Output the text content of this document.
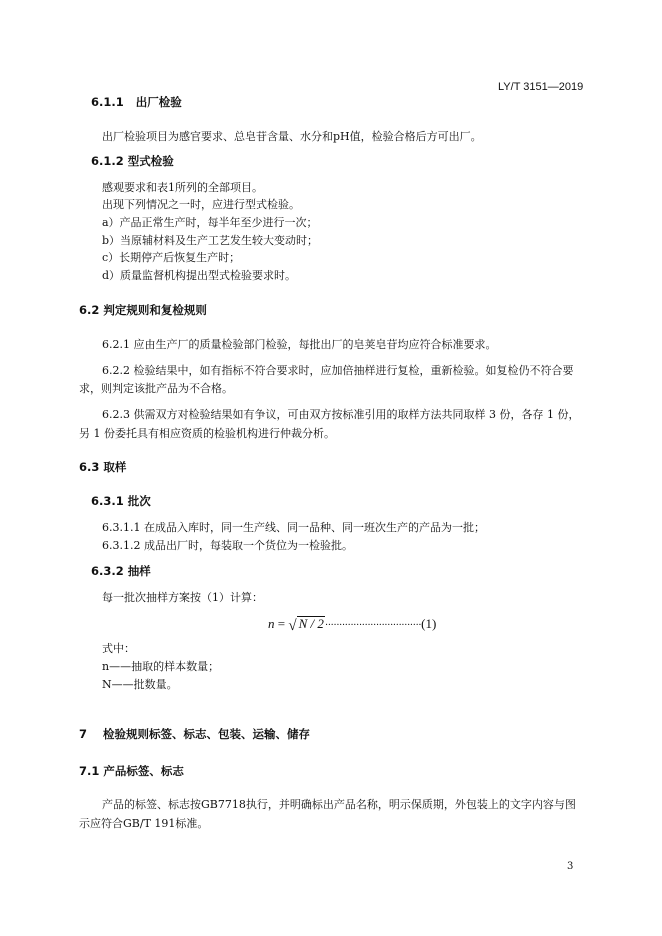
LY/T 3151—2019
6.1.1 出厂检验
出厂检验项目为感官要求、总皂苷含量、水分和pH值，检验合格后方可出厂。
6.1.2 型式检验
感观要求和表1所列的全部项目。
出现下列情况之一时，应进行型式检验。
a）产品正常生产时，每半年至少进行一次；
b）当原辅材料及生产工艺发生较大变动时；
c）长期停产后恢复生产时；
d）质量监督机构提出型式检验要求时。
6.2 判定规则和复检规则
6.2.1 应由生产厂的质量检验部门检验，每批出厂的皂荚皂苷均应符合标准要求。
6.2.2 检验结果中，如有指标不符合要求时，应加倍抽样进行复检，重新检验。如复检仍不符合要
求，则判定该批产品为不合格。
6.2.3 供需双方对检验结果如有争议，可由双方按标准引用的取样方法共同取样 3 份，各存 1 份，
另 1 份委托具有相应资质的检验机构进行仲裁分析。
6.3 取样
6.3.1 批次
6.3.1.1 在成品入库时，同一生产线、同一品种、同一班次生产的产品为一批；
6.3.1.2 成品出厂时，每装取一个货位为一检验批。
6.3.2 抽样
每一批次抽样方案按（1）计算：
n = √ N / 2··································(1)
式中：
n——抽取的样本数量；
N——批数量。
7 检验规则标签、标志、包装、运输、储存
7.1 产品标签、标志
产品的标签、标志按GB7718执行，并明确标出产品名称，明示保质期，外包装上的文字内容与图
示应符合GB/T 191标准。
3
